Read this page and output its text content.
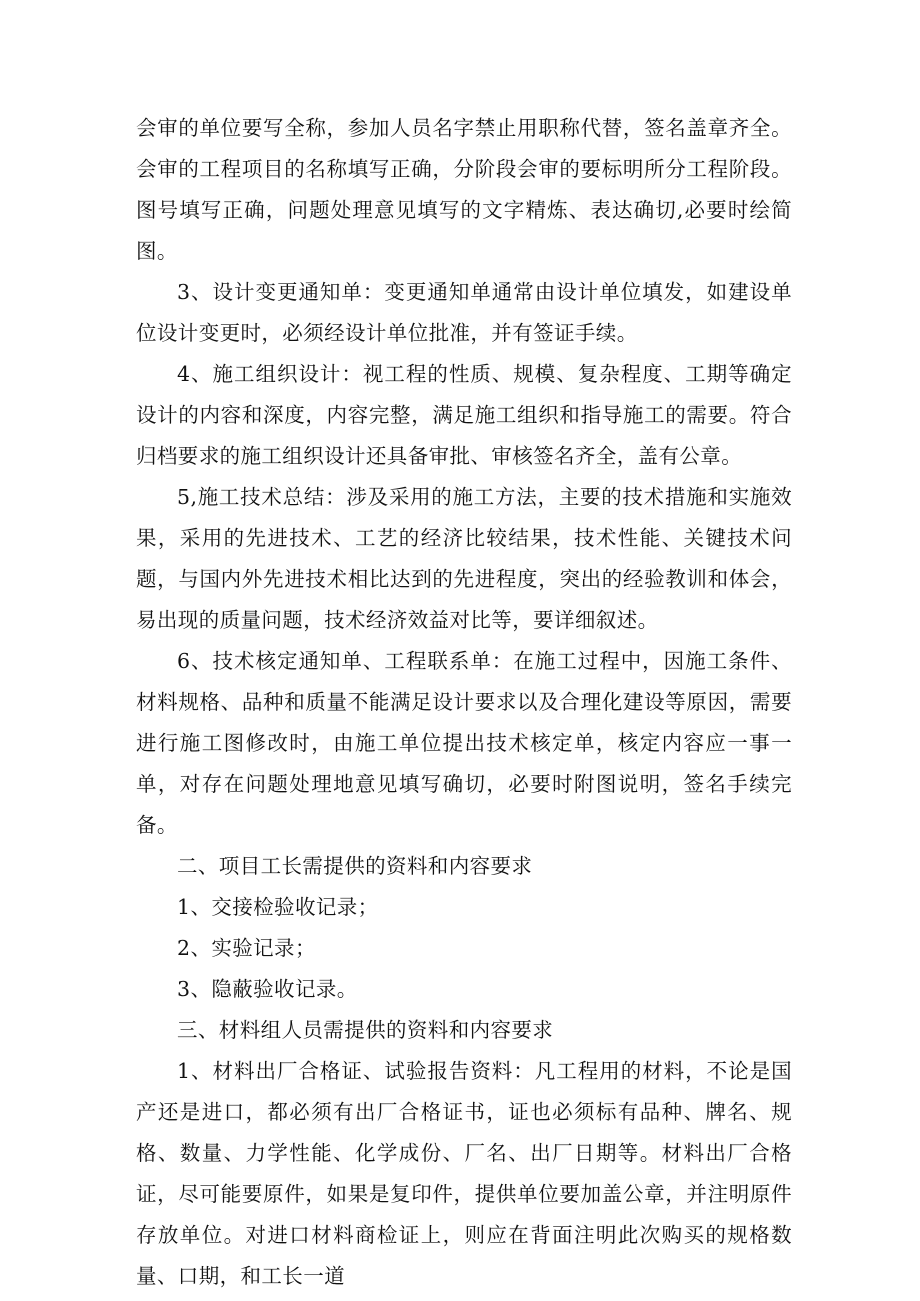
会审的单位要写全称，参加人员名字禁止用职称代替，签名盖章齐全。会审的工程项目的名称填写正确，分阶段会审的要标明所分工程阶段。图号填写正确，问题处理意见填写的文字精炼、表达确切,必要时绘简图。

3、设计变更通知单：变更通知单通常由设计单位填发，如建设单位设计变更时，必须经设计单位批准，并有签证手续。

4、施工组织设计：视工程的性质、规模、复杂程度、工期等确定设计的内容和深度，内容完整，满足施工组织和指导施工的需要。符合归档要求的施工组织设计还具备审批、审核签名齐全，盖有公章。

5,施工技术总结：涉及采用的施工方法，主要的技术措施和实施效果，采用的先进技术、工艺的经济比较结果，技术性能、关键技术问题，与国内外先进技术相比达到的先进程度，突出的经验教训和体会，易出现的质量问题，技术经济效益对比等，要详细叙述。

6、技术核定通知单、工程联系单：在施工过程中，因施工条件、材料规格、品种和质量不能满足设计要求以及合理化建设等原因，需要进行施工图修改时，由施工单位提出技术核定单，核定内容应一事一单，对存在问题处理地意见填写确切，必要时附图说明，签名手续完备。

二、项目工长需提供的资料和内容要求

1、交接检验收记录；

2、实验记录；

3、隐蔽验收记录。

三、材料组人员需提供的资料和内容要求

1、材料出厂合格证、试验报告资料：凡工程用的材料，不论是国产还是进口，都必须有出厂合格证书，证也必须标有品种、牌名、规格、数量、力学性能、化学成份、厂名、出厂日期等。材料出厂合格证，尽可能要原件，如果是复印件，提供单位要加盖公章，并注明原件存放单位。对进口材料商检证上，则应在背面注明此次购买的规格数量、口期，和工长一道
